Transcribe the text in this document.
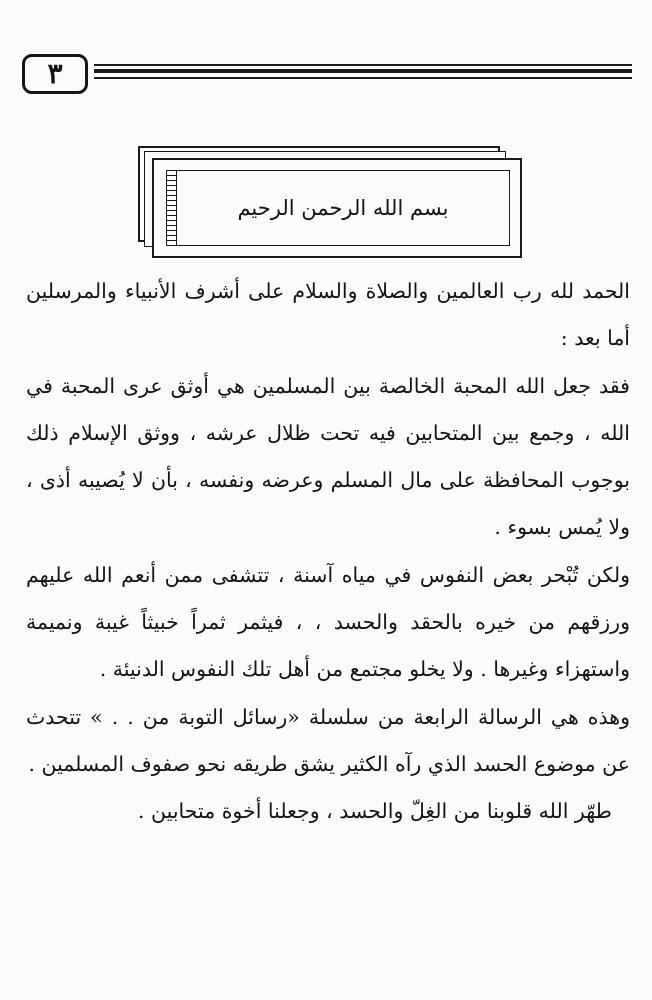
٣
بسم الله الرحمن الرحيم

الحمد لله رب العالمين والصلاة والسلام على أشرف الأنبياء والمرسلين أما بعد :

فقد جعل الله المحبة الخالصة بين المسلمين هي أوثق عرى المحبة في الله ، وجمع بين المتحابين فيه تحت ظلال عرشه ، ووثق الإسلام ذلك بوجوب المحافظة على مال المسلم وعرضه ونفسه ، بأن لا يُصيبه أذى ، ولا يُمس بسوء .

ولكن تُبْحر بعض النفوس في مياه آسنة ، تتشفى ممن أنعم الله عليهم ورزقهم من خيره بالحقد والحسد ، ، فيثمر ثمراً خبيثاً غيبة ونميمة واستهزاء وغيرها . ولا يخلو مجتمع من أهل تلك النفوس الدنيئة .

وهذه هي الرسالة الرابعة من سلسلة «رسائل التوبة من . . » تتحدث عن موضوع الحسد الذي رآه الكثير يشق طريقه نحو صفوف المسلمين .

طهّر الله قلوبنا من الغِلّ والحسد ، وجعلنا أخوة متحابين .
